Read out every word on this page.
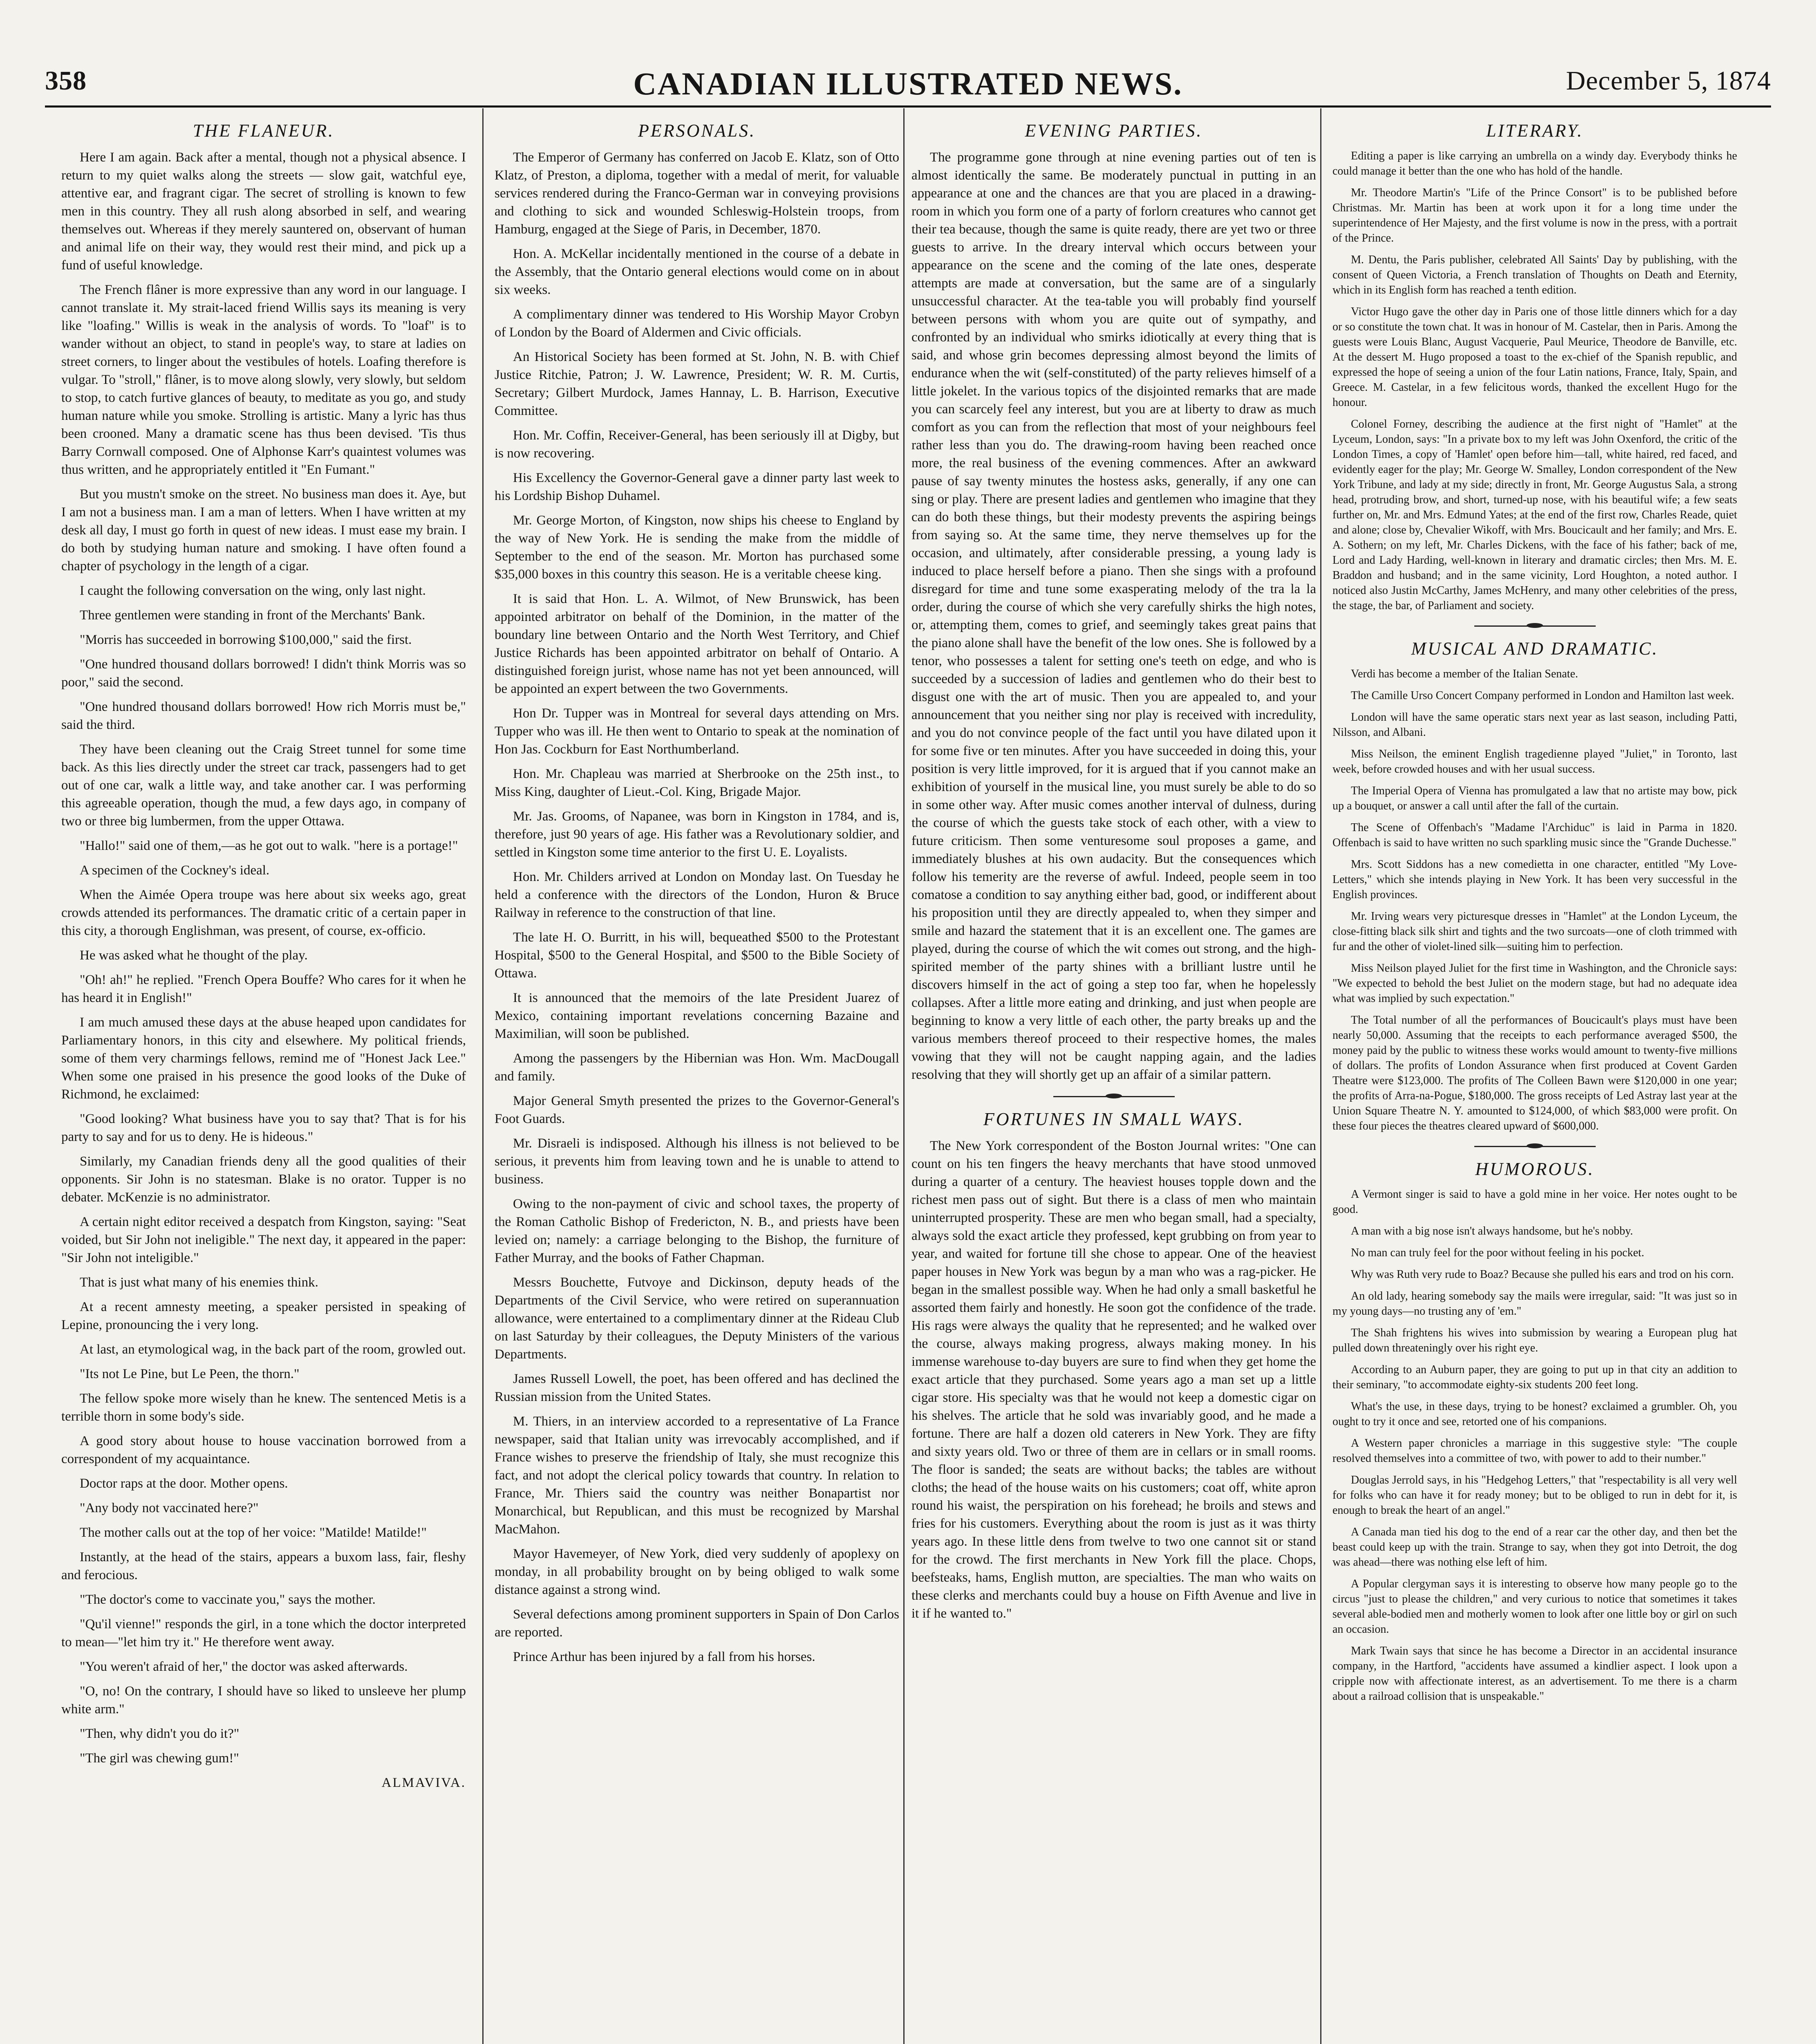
358	CANADIAN ILLUSTRATED NEWS.	December 5, 1874
THE FLANEUR.

Here I am again. Back after a mental, though not a physical absence. I return to my quiet walks along the streets — slow gait, watchful eye, attentive ear, and fragrant cigar. The secret of strolling is known to few men in this country. They all rush along absorbed in self, and wearing themselves out. Whereas if they merely sauntered on, observant of human and animal life on their way, they would rest their mind, and pick up a fund of useful knowledge.

The French flâner is more expressive than any word in our language. I cannot translate it. My strait-laced friend Willis says its meaning is very like "loafing." Willis is weak in the analysis of words. To "loaf" is to wander without an object, to stand in people's way, to stare at ladies on street corners, to linger about the vestibules of hotels. Loafing therefore is vulgar. To "stroll," flâner, is to move along slowly, very slowly, but seldom to stop, to catch furtive glances of beauty, to meditate as you go, and study human nature while you smoke. Strolling is artistic. Many a lyric has thus been crooned. Many a dramatic scene has thus been devised. 'Tis thus Barry Cornwall composed. One of Alphonse Karr's quaintest volumes was thus written, and he appropriately entitled it "En Fumant."

But you mustn't smoke on the street. No business man does it. Aye, but I am not a business man. I am a man of letters. When I have written at my desk all day, I must go forth in quest of new ideas. I must ease my brain. I do both by studying human nature and smoking. I have often found a chapter of psychology in the length of a cigar.

I caught the following conversation on the wing, only last night.

Three gentlemen were standing in front of the Merchants' Bank.

"Morris has succeeded in borrowing $100,000," said the first.

"One hundred thousand dollars borrowed! I didn't think Morris was so poor," said the second.

"One hundred thousand dollars borrowed! How rich Morris must be," said the third.

They have been cleaning out the Craig Street tunnel for some time back. As this lies directly under the street car track, passengers had to get out of one car, walk a little way, and take another car. I was performing this agreeable operation, though the mud, a few days ago, in company of two or three big lumbermen, from the upper Ottawa.

"Hallo!" said one of them,—as he got out to walk. "here is a portage!"

A specimen of the Cockney's ideal.

When the Aimée Opera troupe was here about six weeks ago, great crowds attended its performances. The dramatic critic of a certain paper in this city, a thorough Englishman, was present, of course, ex-officio.

He was asked what he thought of the play.

"Oh! ah!" he replied. "French Opera Bouffe? Who cares for it when he has heard it in English!"

I am much amused these days at the abuse heaped upon candidates for Parliamentary honors, in this city and elsewhere. My political friends, some of them very charmings fellows, remind me of "Honest Jack Lee." When some one praised in his presence the good looks of the Duke of Richmond, he exclaimed:

"Good looking? What business have you to say that? That is for his party to say and for us to deny. He is hideous."

Similarly, my Canadian friends deny all the good qualities of their opponents. Sir John is no statesman. Blake is no orator. Tupper is no debater. McKenzie is no administrator.

A certain night editor received a despatch from Kingston, saying: "Seat voided, but Sir John not ineligible." The next day, it appeared in the paper: "Sir John not inteligible."

That is just what many of his enemies think.

At a recent amnesty meeting, a speaker persisted in speaking of Lepine, pronouncing the i very long.

At last, an etymological wag, in the back part of the room, growled out.

"Its not Le Pine, but Le Peen, the thorn."

The fellow spoke more wisely than he knew. The sentenced Metis is a terrible thorn in some body's side.

A good story about house to house vaccination borrowed from a correspondent of my acquaintance.

Doctor raps at the door. Mother opens.

"Any body not vaccinated here?"

The mother calls out at the top of her voice: "Matilde! Matilde!"

Instantly, at the head of the stairs, appears a buxom lass, fair, fleshy and ferocious.

"The doctor's come to vaccinate you," says the mother.

"Qu'il vienne!" responds the girl, in a tone which the doctor interpreted to mean—"let him try it." He therefore went away.

"You weren't afraid of her," the doctor was asked afterwards.

"O, no! On the contrary, I should have so liked to unsleeve her plump white arm."

"Then, why didn't you do it?"

"The girl was chewing gum!"

ALMAVIVA.
PERSONALS.

The Emperor of Germany has conferred on Jacob E. Klatz, son of Otto Klatz, of Preston, a diploma, together with a medal of merit, for valuable services rendered during the Franco-German war in conveying provisions and clothing to sick and wounded Schleswig-Holstein troops, from Hamburg, engaged at the Siege of Paris, in December, 1870.

Hon. A. McKellar incidentally mentioned in the course of a debate in the Assembly, that the Ontario general elections would come on in about six weeks.

A complimentary dinner was tendered to His Worship Mayor Crobyn of London by the Board of Aldermen and Civic officials.

An Historical Society has been formed at St. John, N. B. with Chief Justice Ritchie, Patron; J. W. Lawrence, President; W. R. M. Curtis, Secretary; Gilbert Murdock, James Hannay, L. B. Harrison, Executive Committee.

Hon. Mr. Coffin, Receiver-General, has been seriously ill at Digby, but is now recovering.

His Excellency the Governor-General gave a dinner party last week to his Lordship Bishop Duhamel.

Mr. George Morton, of Kingston, now ships his cheese to England by the way of New York. He is sending the make from the middle of September to the end of the season. Mr. Morton has purchased some $35,000 boxes in this country this season. He is a veritable cheese king.

It is said that Hon. L. A. Wilmot, of New Brunswick, has been appointed arbitrator on behalf of the Dominion, in the matter of the boundary line between Ontario and the North West Territory, and Chief Justice Richards has been appointed arbitrator on behalf of Ontario. A distinguished foreign jurist, whose name has not yet been announced, will be appointed an expert between the two Governments.

Hon Dr. Tupper was in Montreal for several days attending on Mrs. Tupper who was ill. He then went to Ontario to speak at the nomination of Hon Jas. Cockburn for East Northumberland.

Hon. Mr. Chapleau was married at Sherbrooke on the 25th inst., to Miss King, daughter of Lieut.-Col. King, Brigade Major.

Mr. Jas. Grooms, of Napanee, was born in Kingston in 1784, and is, therefore, just 90 years of age. His father was a Revolutionary soldier, and settled in Kingston some time anterior to the first U. E. Loyalists.

Hon. Mr. Childers arrived at London on Monday last. On Tuesday he held a conference with the directors of the London, Huron & Bruce Railway in reference to the construction of that line.

The late H. O. Burritt, in his will, bequeathed $500 to the Protestant Hospital, $500 to the General Hospital, and $500 to the Bible Society of Ottawa.

It is announced that the memoirs of the late President Juarez of Mexico, containing important revelations concerning Bazaine and Maximilian, will soon be published.

Among the passengers by the Hibernian was Hon. Wm. MacDougall and family.

Major General Smyth presented the prizes to the Governor-General's Foot Guards.

Mr. Disraeli is indisposed. Although his illness is not believed to be serious, it prevents him from leaving town and he is unable to attend to business.

Owing to the non-payment of civic and school taxes, the property of the Roman Catholic Bishop of Fredericton, N. B., and priests have been levied on; namely: a carriage belonging to the Bishop, the furniture of Father Murray, and the books of Father Chapman.

Messrs Bouchette, Futvoye and Dickinson, deputy heads of the Departments of the Civil Service, who were retired on superannuation allowance, were entertained to a complimentary dinner at the Rideau Club on last Saturday by their colleagues, the Deputy Ministers of the various Departments.

James Russell Lowell, the poet, has been offered and has declined the Russian mission from the United States.

M. Thiers, in an interview accorded to a representative of La France newspaper, said that Italian unity was irrevocably accomplished, and if France wishes to preserve the friendship of Italy, she must recognize this fact, and not adopt the clerical policy towards that country. In relation to France, Mr. Thiers said the country was neither Bonapartist nor Monarchical, but Republican, and this must be recognized by Marshal MacMahon.

Mayor Havemeyer, of New York, died very suddenly of apoplexy on monday, in all probability brought on by being obliged to walk some distance against a strong wind.

Several defections among prominent supporters in Spain of Don Carlos are reported.

Prince Arthur has been injured by a fall from his horses.

EVENING PARTIES.

The programme gone through at nine evening parties out of ten is almost identically the same. Be moderately punctual in putting in an appearance at one and the chances are that you are placed in a drawing-room in which you form one of a party of forlorn creatures who cannot get their tea because, though the same is quite ready, there are yet two or three guests to arrive. In the dreary interval which occurs between your appearance on the scene and the coming of the late ones, desperate attempts are made at conversation, but the same are of a singularly unsuccessful character. At the tea-table you will probably find yourself between persons with whom you are quite out of sympathy, and confronted by an individual who smirks idiotically at every thing that is said, and whose grin becomes depressing almost beyond the limits of endurance when the wit (self-constituted) of the party relieves himself of a little jokelet. In the various topics of the disjointed remarks that are made you can scarcely feel any interest, but you are at liberty to draw as much comfort as you can from the reflection that most of your neighbours feel rather less than you do. The drawing-room having been reached once more, the real business of the evening commences. After an awkward pause of say twenty minutes the hostess asks, generally, if any one can sing or play. There are present ladies and gentlemen who imagine that they can do both these things, but their modesty prevents the aspiring beings from saying so. At the same time, they nerve themselves up for the occasion, and ultimately, after considerable pressing, a young lady is induced to place herself before a piano. Then she sings with a profound disregard for time and tune some exasperating melody of the tra la la order, during the course of which she very carefully shirks the high notes, or, attempting them, comes to grief, and seemingly takes great pains that the piano alone shall have the benefit of the low ones. She is followed by a tenor, who possesses a talent for setting one's teeth on edge, and who is succeeded by a succession of ladies and gentlemen who do their best to disgust one with the art of music. Then you are appealed to, and your announcement that you neither sing nor play is received with incredulity, and you do not convince people of the fact until you have dilated upon it for some five or ten minutes. After you have succeeded in doing this, your position is very little improved, for it is argued that if you cannot make an exhibition of yourself in the musical line, you must surely be able to do so in some other way. After music comes another interval of dulness, during the course of which the guests take stock of each other, with a view to future criticism. Then some venturesome soul proposes a game, and immediately blushes at his own audacity. But the consequences which follow his temerity are the reverse of awful. Indeed, people seem in too comatose a condition to say anything either bad, good, or indifferent about his proposition until they are directly appealed to, when they simper and smile and hazard the statement that it is an excellent one. The games are played, during the course of which the wit comes out strong, and the high-spirited member of the party shines with a brilliant lustre until he discovers himself in the act of going a step too far, when he hopelessly collapses. After a little more eating and drinking, and just when people are beginning to know a very little of each other, the party breaks up and the various members thereof proceed to their respective homes, the males vowing that they will not be caught napping again, and the ladies resolving that they will shortly get up an affair of a similar pattern.

FORTUNES IN SMALL WAYS.

The New York correspondent of the Boston Journal writes: "One can count on his ten fingers the heavy merchants that have stood unmoved during a quarter of a century. The heaviest houses topple down and the richest men pass out of sight. But there is a class of men who maintain uninterrupted prosperity. These are men who began small, had a specialty, always sold the exact article they professed, kept grubbing on from year to year, and waited for fortune till she chose to appear. One of the heaviest paper houses in New York was begun by a man who was a rag-picker. He began in the smallest possible way. When he had only a small basketful he assorted them fairly and honestly. He soon got the confidence of the trade. His rags were always the quality that he represented; and he walked over the course, always making progress, always making money. In his immense warehouse to-day buyers are sure to find when they get home the exact article that they purchased. Some years ago a man set up a little cigar store. His specialty was that he would not keep a domestic cigar on his shelves. The article that he sold was invariably good, and he made a fortune. There are half a dozen old caterers in New York. They are fifty and sixty years old. Two or three of them are in cellars or in small rooms. The floor is sanded; the seats are without backs; the tables are without cloths; the head of the house waits on his customers; coat off, white apron round his waist, the perspiration on his forehead; he broils and stews and fries for his customers. Everything about the room is just as it was thirty years ago. In these little dens from twelve to two one cannot sit or stand for the crowd. The first merchants in New York fill the place. Chops, beefsteaks, hams, English mutton, are specialties. The man who waits on these clerks and merchants could buy a house on Fifth Avenue and live in it if he wanted to."

LITERARY.

Editing a paper is like carrying an umbrella on a windy day. Everybody thinks he could manage it better than the one who has hold of the handle.

Mr. Theodore Martin's "Life of the Prince Consort" is to be published before Christmas. Mr. Martin has been at work upon it for a long time under the superintendence of Her Majesty, and the first volume is now in the press, with a portrait of the Prince.

M. Dentu, the Paris publisher, celebrated All Saints' Day by publishing, with the consent of Queen Victoria, a French translation of Thoughts on Death and Eternity, which in its English form has reached a tenth edition.

Victor Hugo gave the other day in Paris one of those little dinners which for a day or so constitute the town chat. It was in honour of M. Castelar, then in Paris. Among the guests were Louis Blanc, August Vacquerie, Paul Meurice, Theodore de Banville, etc. At the dessert M. Hugo proposed a toast to the ex-chief of the Spanish republic, and expressed the hope of seeing a union of the four Latin nations, France, Italy, Spain, and Greece. M. Castelar, in a few felicitous words, thanked the excellent Hugo for the honour.

Colonel Forney, describing the audience at the first night of "Hamlet" at the Lyceum, London, says: "In a private box to my left was John Oxenford, the critic of the London Times, a copy of 'Hamlet' open before him—tall, white haired, red faced, and evidently eager for the play; Mr. George W. Smalley, London correspondent of the New York Tribune, and lady at my side; directly in front, Mr. George Augustus Sala, a strong head, protruding brow, and short, turned-up nose, with his beautiful wife; a few seats further on, Mr. and Mrs. Edmund Yates; at the end of the first row, Charles Reade, quiet and alone; close by, Chevalier Wikoff, with Mrs. Boucicault and her family; and Mrs. E. A. Sothern; on my left, Mr. Charles Dickens, with the face of his father; back of me, Lord and Lady Harding, well-known in literary and dramatic circles; then Mrs. M. E. Braddon and husband; and in the same vicinity, Lord Houghton, a noted author. I noticed also Justin McCarthy, James McHenry, and many other celebrities of the press, the stage, the bar, of Parliament and society.

MUSICAL AND DRAMATIC.

Verdi has become a member of the Italian Senate.

The Camille Urso Concert Company performed in London and Hamilton last week.

London will have the same operatic stars next year as last season, including Patti, Nilsson, and Albani.

Miss Neilson, the eminent English tragedienne played "Juliet," in Toronto, last week, before crowded houses and with her usual success.

The Imperial Opera of Vienna has promulgated a law that no artiste may bow, pick up a bouquet, or answer a call until after the fall of the curtain.

The Scene of Offenbach's "Madame l'Archiduc" is laid in Parma in 1820. Offenbach is said to have written no such sparkling music since the "Grande Duchesse."

Mrs. Scott Siddons has a new comedietta in one character, entitled "My Love-Letters," which she intends playing in New York. It has been very successful in the English provinces.

Mr. Irving wears very picturesque dresses in "Hamlet" at the London Lyceum, the close-fitting black silk shirt and tights and the two surcoats—one of cloth trimmed with fur and the other of violet-lined silk—suiting him to perfection.

Miss Neilson played Juliet for the first time in Washington, and the Chronicle says: "We expected to behold the best Juliet on the modern stage, but had no adequate idea what was implied by such expectation."

The Total number of all the performances of Boucicault's plays must have been nearly 50,000. Assuming that the receipts to each performance averaged $500, the money paid by the public to witness these works would amount to twenty-five millions of dollars. The profits of London Assurance when first produced at Covent Garden Theatre were $123,000. The profits of The Colleen Bawn were $120,000 in one year; the profits of Arra-na-Pogue, $180,000. The gross receipts of Led Astray last year at the Union Square Theatre N. Y. amounted to $124,000, of which $83,000 were profit. On these four pieces the theatres cleared upward of $600,000.

HUMOROUS.

A Vermont singer is said to have a gold mine in her voice. Her notes ought to be good.

A man with a big nose isn't always handsome, but he's nobby.

No man can truly feel for the poor without feeling in his pocket.

Why was Ruth very rude to Boaz? Because she pulled his ears and trod on his corn.

An old lady, hearing somebody say the mails were irregular, said: "It was just so in my young days—no trusting any of 'em."

The Shah frightens his wives into submission by wearing a European plug hat pulled down threateningly over his right eye.

According to an Auburn paper, they are going to put up in that city an addition to their seminary, "to accommodate eighty-six students 200 feet long.

What's the use, in these days, trying to be honest? exclaimed a grumbler. Oh, you ought to try it once and see, retorted one of his companions.

A Western paper chronicles a marriage in this suggestive style: "The couple resolved themselves into a committee of two, with power to add to their number."

Douglas Jerrold says, in his "Hedgehog Letters," that "respectability is all very well for folks who can have it for ready money; but to be obliged to run in debt for it, is enough to break the heart of an angel."

A Canada man tied his dog to the end of a rear car the other day, and then bet the beast could keep up with the train. Strange to say, when they got into Detroit, the dog was ahead—there was nothing else left of him.

A Popular clergyman says it is interesting to observe how many people go to the circus "just to please the children," and very curious to notice that sometimes it takes several able-bodied men and motherly women to look after one little boy or girl on such an occasion.

Mark Twain says that since he has become a Director in an accidental insurance company, in the Hartford, "accidents have assumed a kindlier aspect. I look upon a cripple now with affectionate interest, as an advertisement. To me there is a charm about a railroad collision that is unspeakable."
